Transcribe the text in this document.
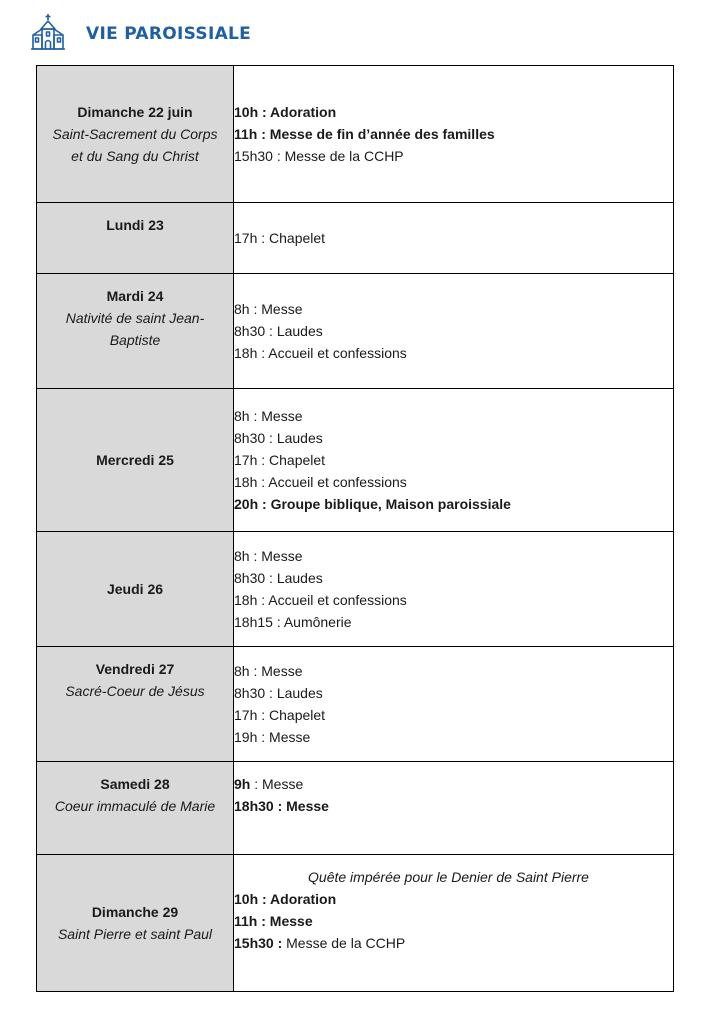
VIE PAROISSIALE
Dimanche 22 juin
Saint-Sacrement du Corps et du Sang du Christ	10h : Adoration
11h : Messe de fin d’année des familles
15h30 : Messe de la CCHP

Lundi 23	17h : Chapelet

Mardi 24
Nativité de saint Jean-Baptiste	8h : Messe
8h30 : Laudes
18h : Accueil et confessions

Mercredi 25	8h : Messe
8h30 : Laudes
17h : Chapelet
18h : Accueil et confessions
20h : Groupe biblique, Maison paroissiale

Jeudi 26	8h : Messe
8h30 : Laudes
18h : Accueil et confessions
18h15 : Aumônerie

Vendredi 27
Sacré-Coeur de Jésus	8h : Messe
8h30 : Laudes
17h : Chapelet
19h : Messe

Samedi 28
Coeur immaculé de Marie	9h : Messe
18h30 : Messe

Dimanche 29
Saint Pierre et saint Paul	Quête impérée pour le Denier de Saint Pierre
10h : Adoration
11h : Messe
15h30 : Messe de la CCHP
